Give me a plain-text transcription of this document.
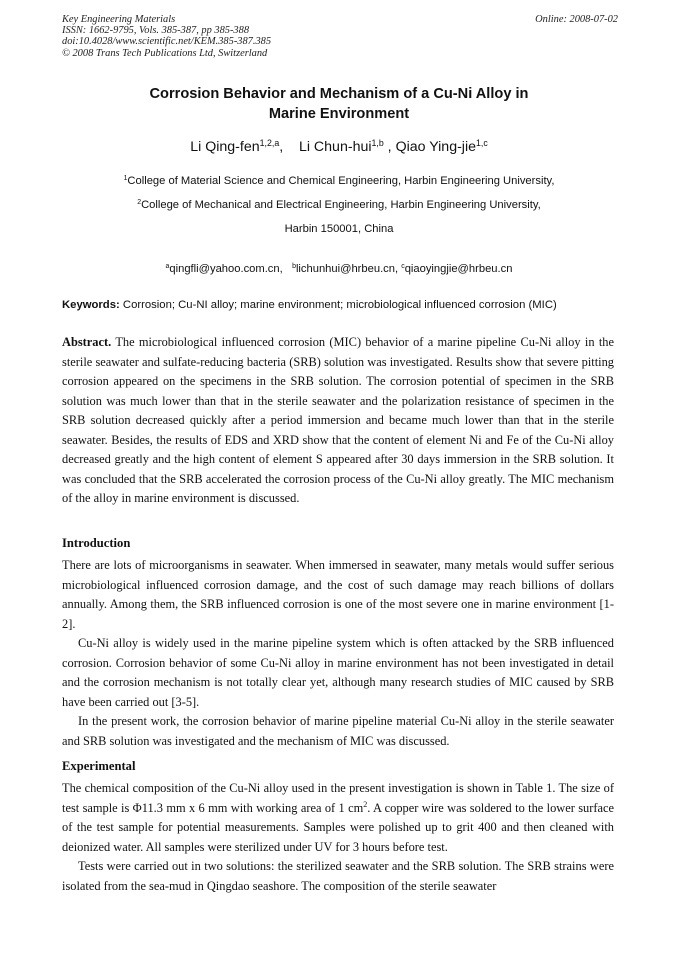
Key Engineering Materials
ISSN: 1662-9795, Vols. 385-387, pp 385-388
doi:10.4028/www.scientific.net/KEM.385-387.385
© 2008 Trans Tech Publications Ltd, Switzerland
Online: 2008-07-02
Corrosion Behavior and Mechanism of a Cu-Ni Alloy in
Marine Environment
Li Qing-fen$^{1,2,a}$,    Li Chun-hui$^{1,b}$ , Qiao Ying-jie$^{1,c}$
$^1$College of Material Science and Chemical Engineering, Harbin Engineering University,
$^2$College of Mechanical and Electrical Engineering, Harbin Engineering University,
Harbin 150001, China
$^a$qingfli@yahoo.com.cn, $^b$lichunhui@hrbeu.cn, $^c$qiaoyingjie@hrbeu.cn
Keywords: Corrosion; Cu-NI alloy; marine environment; microbiological influenced corrosion (MIC)

Abstract. The microbiological influenced corrosion (MIC) behavior of a marine pipeline Cu-Ni alloy in the sterile seawater and sulfate-reducing bacteria (SRB) solution was investigated. Results show that severe pitting corrosion appeared on the specimens in the SRB solution. The corrosion potential of specimen in the SRB solution was much lower than that in the sterile seawater and the polarization resistance of specimen in the SRB solution decreased quickly after a period immersion and became much lower than that in the sterile seawater. Besides, the results of EDS and XRD show that the content of element Ni and Fe of the Cu-Ni alloy decreased greatly and the high content of element S appeared after 30 days immersion in the SRB solution. It was concluded that the SRB accelerated the corrosion process of the Cu-Ni alloy greatly. The MIC mechanism of the alloy in marine environment is discussed.

Introduction

There are lots of microorganisms in seawater. When immersed in seawater, many metals would suffer serious microbiological influenced corrosion damage, and the cost of such damage may reach billions of dollars annually. Among them, the SRB influenced corrosion is one of the most severe one in marine environment [1-2].

Cu-Ni alloy is widely used in the marine pipeline system which is often attacked by the SRB influenced corrosion. Corrosion behavior of some Cu-Ni alloy in marine environment has not been investigated in detail and the corrosion mechanism is not totally clear yet, although many research studies of MIC caused by SRB have been carried out [3-5].

In the present work, the corrosion behavior of marine pipeline material Cu-Ni alloy in the sterile seawater and SRB solution was investigated and the mechanism of MIC was discussed.

Experimental

The chemical composition of the Cu-Ni alloy used in the present investigation is shown in Table 1. The size of test sample is Φ11.3 mm x 6 mm with working area of 1 $cm^2$. A copper wire was soldered to the lower surface of the test sample for potential measurements. Samples were polished up to grit 400 and then cleaned with deionized water. All samples were sterilized under UV for 3 hours before test.

Tests were carried out in two solutions: the sterilized seawater and the SRB solution. The SRB strains were isolated from the sea-mud in Qingdao seashore. The composition of the sterile seawater
